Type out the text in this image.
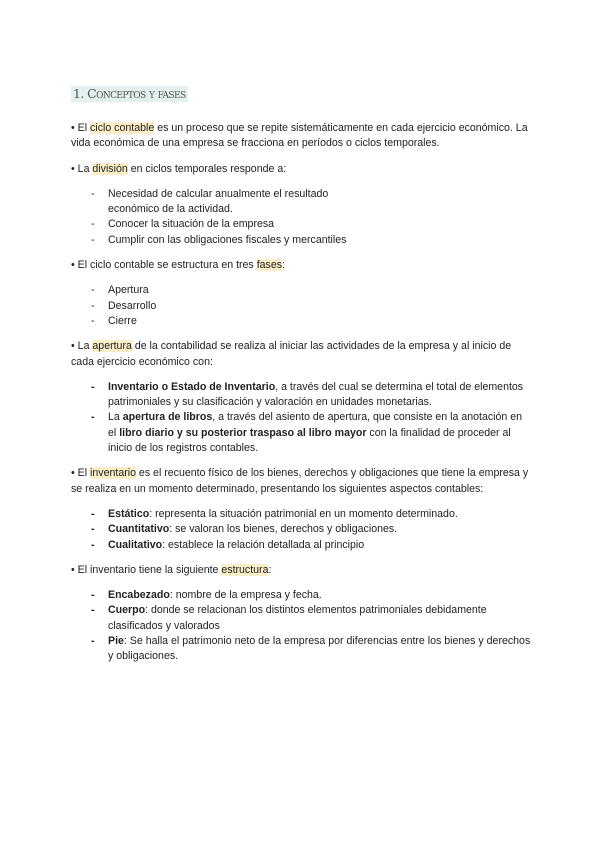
1. Conceptos y fases

• El ciclo contable es un proceso que se repite sistemáticamente en cada ejercicio económico. La vida económica de una empresa se fracciona en períodos o ciclos temporales.

• La división en ciclos temporales responde a:

- Necesidad de calcular anualmente el resultado económico de la actividad.
- Conocer la situación de la empresa
- Cumplir con las obligaciones fiscales y mercantiles

• El ciclo contable se estructura en tres fases:

- Apertura
- Desarrollo
- Cierre

• La apertura de la contabilidad se realiza al iniciar las actividades de la empresa y al inicio de cada ejercicio económico con:

- Inventario o Estado de Inventario, a través del cual se determina el total de elementos patrimoniales y su clasificación y valoración en unidades monetarias.
- La apertura de libros, a través del asiento de apertura, que consiste en la anotación en el libro diario y su posterior traspaso al libro mayor con la finalidad de proceder al inicio de los registros contables.

• El inventario es el recuento físico de los bienes, derechos y obligaciones que tiene la empresa y se realiza en un momento determinado, presentando los siguientes aspectos contables:

- Estático: representa la situación patrimonial en un momento determinado.
- Cuantitativo: se valoran los bienes, derechos y obligaciones.
- Cualitativo: establece la relación detallada al principio

• El inventario tiene la siguiente estructura:

- Encabezado: nombre de la empresa y fecha.
- Cuerpo: donde se relacionan los distintos elementos patrimoniales debidamente clasificados y valorados
- Pie: Se halla el patrimonio neto de la empresa por diferencias entre los bienes y derechos y obligaciones.
